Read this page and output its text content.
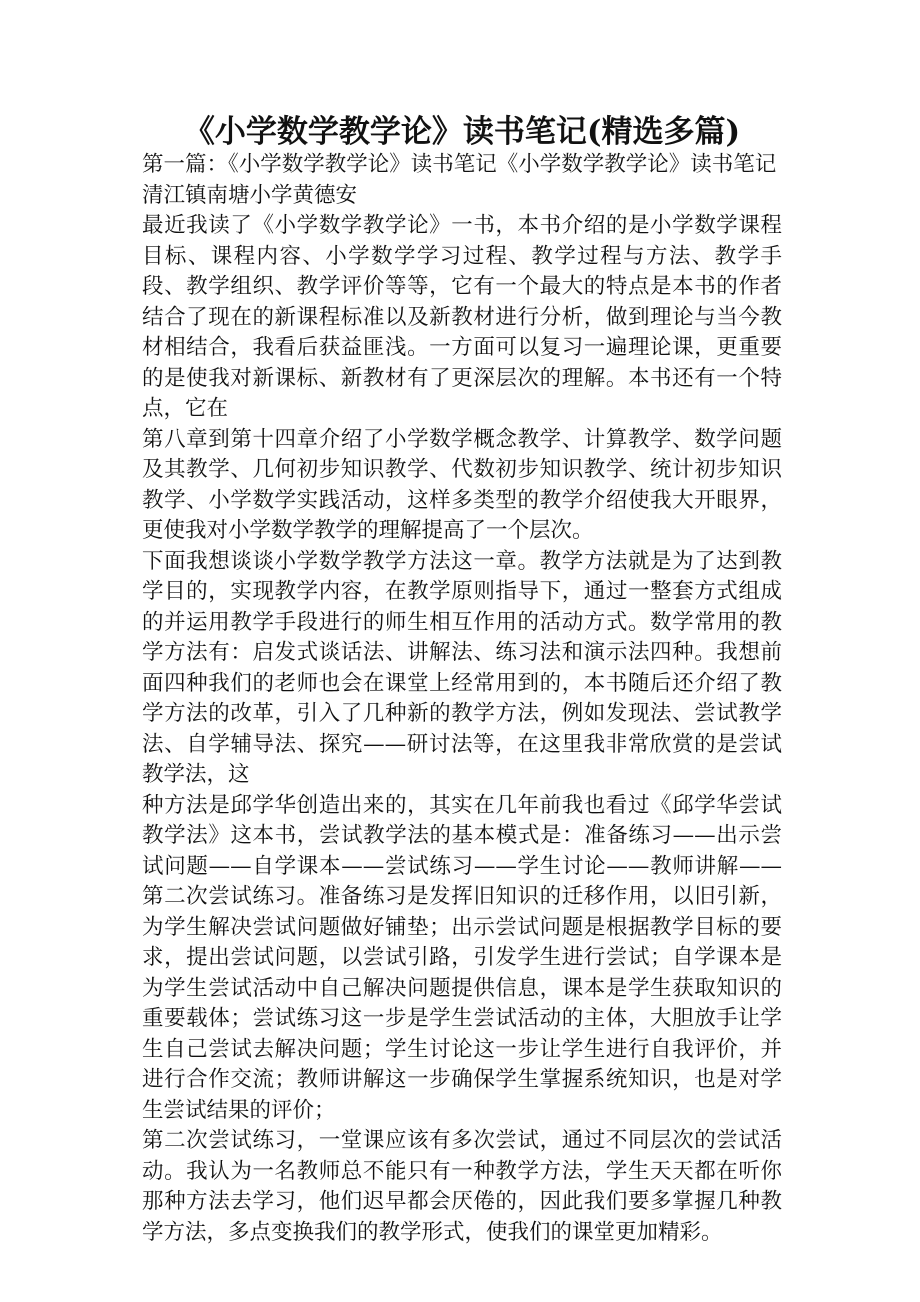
《小学数学教学论》读书笔记(精选多篇)

第一篇：《小学数学教学论》读书笔记《小学数学教学论》读书笔记

清江镇南塘小学黄德安

最近我读了《小学数学教学论》一书，本书介绍的是小学数学课程目标、课程内容、小学数学学习过程、教学过程与方法、教学手段、教学组织、教学评价等等，它有一个最大的特点是本书的作者结合了现在的新课程标准以及新教材进行分析，做到理论与当今教材相结合，我看后获益匪浅。一方面可以复习一遍理论课，更重要的是使我对新课标、新教材有了更深层次的理解。本书还有一个特点，它在

第八章到第十四章介绍了小学数学概念教学、计算教学、数学问题及其教学、几何初步知识教学、代数初步知识教学、统计初步知识教学、小学数学实践活动，这样多类型的教学介绍使我大开眼界，更使我对小学数学教学的理解提高了一个层次。

下面我想谈谈小学数学教学方法这一章。教学方法就是为了达到教学目的，实现教学内容，在教学原则指导下，通过一整套方式组成的并运用教学手段进行的师生相互作用的活动方式。数学常用的教学方法有：启发式谈话法、讲解法、练习法和演示法四种。我想前面四种我们的老师也会在课堂上经常用到的，本书随后还介绍了教学方法的改革，引入了几种新的教学方法，例如发现法、尝试教学法、自学辅导法、探究——研讨法等，在这里我非常欣赏的是尝试教学法，这

种方法是邱学华创造出来的，其实在几年前我也看过《邱学华尝试教学法》这本书，尝试教学法的基本模式是：准备练习——出示尝试问题——自学课本——尝试练习——学生讨论——教师讲解——第二次尝试练习。准备练习是发挥旧知识的迁移作用，以旧引新，为学生解决尝试问题做好铺垫；出示尝试问题是根据教学目标的要求，提出尝试问题，以尝试引路，引发学生进行尝试；自学课本是为学生尝试活动中自己解决问题提供信息，课本是学生获取知识的重要载体；尝试练习这一步是学生尝试活动的主体，大胆放手让学生自己尝试去解决问题；学生讨论这一步让学生进行自我评价，并进行合作交流；教师讲解这一步确保学生掌握系统知识，也是对学生尝试结果的评价；

第二次尝试练习，一堂课应该有多次尝试，通过不同层次的尝试活动。我认为一名教师总不能只有一种教学方法，学生天天都在听你那种方法去学习，他们迟早都会厌倦的，因此我们要多掌握几种教学方法，多点变换我们的教学形式，使我们的课堂更加精彩。
